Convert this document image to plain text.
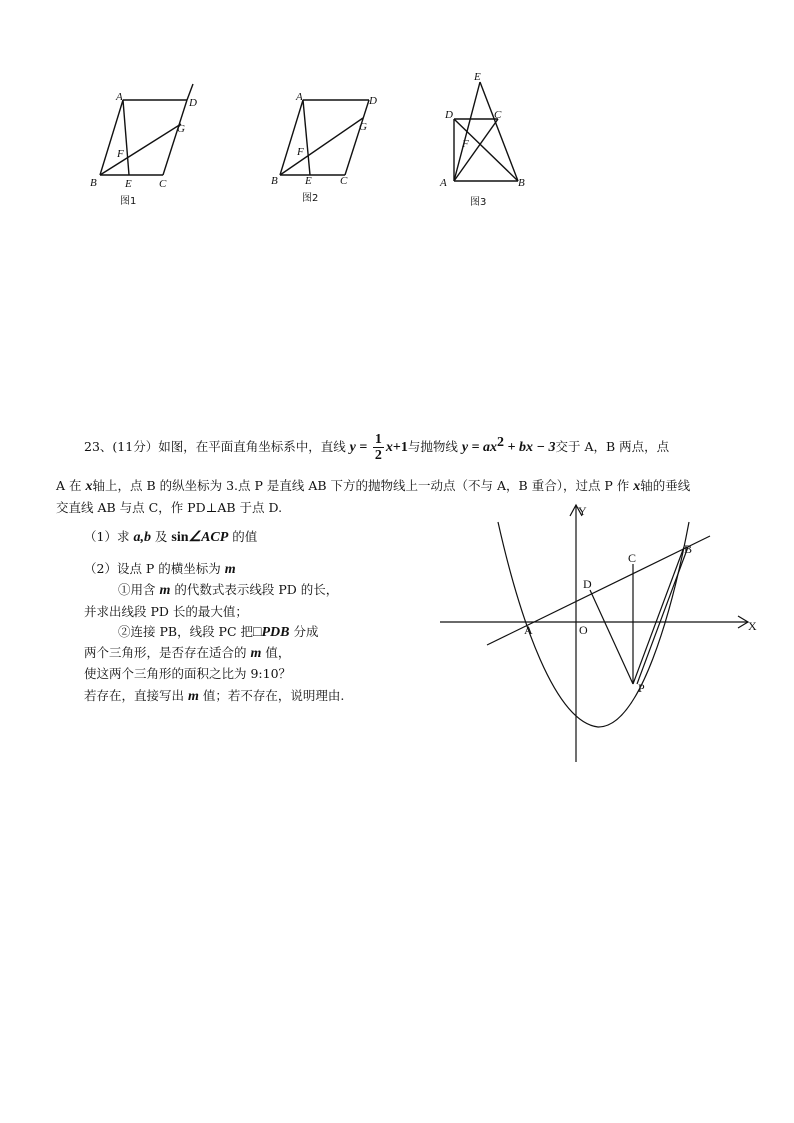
A	D
G
F
B	E C
图1
A	D
G
F
B E	C
图2
E
D	C
F
A	B
图3
23、(11分）如图，在平面直角坐标系中，直线 $y = \frac{1}{2} x+1$与抛物线 $y = ax^2$ + bx − 3交于 A，B 两点，点
A 在 x轴上，点 B 的纵坐标为 3.点 P 是直线 AB 下方的抛物线上一动点（不与 A，B 重合），过点 P 作 x轴的垂线
交直线 AB 与点 C，作 PD⊥AB 于点 D.
（1）求 a,b 及 sin∠ACP 的值
（2）设点 P 的横坐标为 m
①用含 m 的代数式表示线段 PD 的长，
并求出线段 PD 长的最大值；
②连接 PB，线段 PC 把□PDB 分成
两个三角形，是否存在适合的 m 值，
使这两个三角形的面积之比为 9:10？
若存在，直接写出 m 值；若不存在，说明理由.
Y
X
A	O
D
C
B
P
